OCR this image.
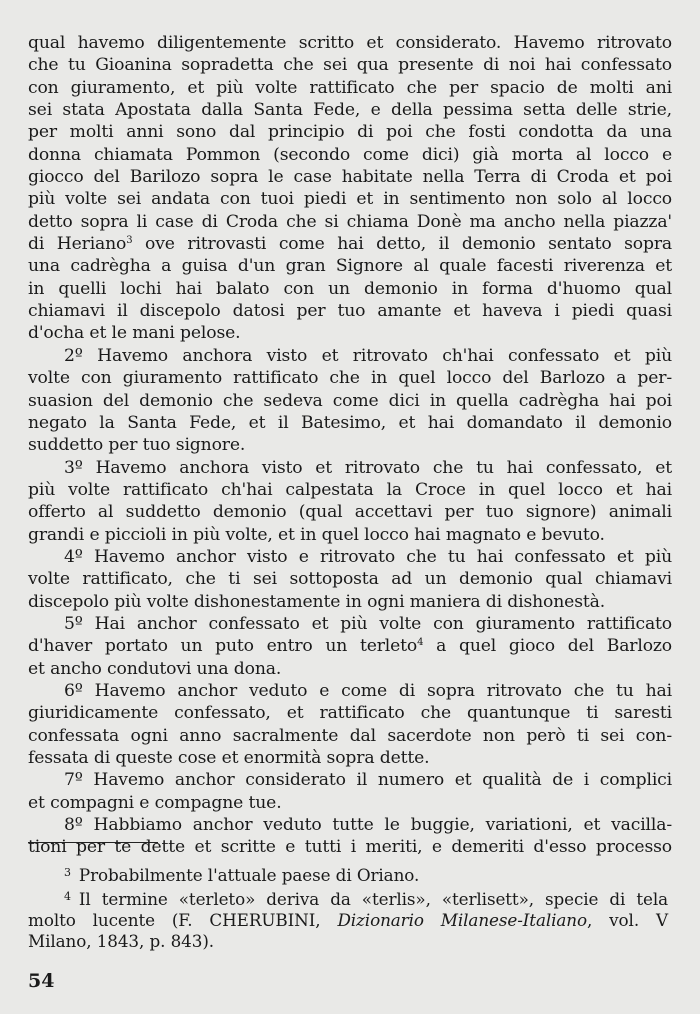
qual havemo diligentemente scritto et considerato. Havemo ritrovato
che tu Gioanina sopradetta che sei qua presente di noi hai confessato
con giuramento, et più volte rattificato che per spacio de molti ani
sei stata Apostata dalla Santa Fede, e della pessima setta delle strie,
per molti anni sono dal principio di poi che fosti condotta da una
donna chiamata Pommon (secondo come dici) già morta al locco e
giocco del Barilozo sopra le case habitate nella Terra di Croda et poi
più volte sei andata con tuoi piedi et in sentimento non solo al locco
detto sopra li case di Croda che si chiama Donè ma ancho nella piazza'
di Heriano$^3$ ove ritrovasti come hai detto, il demonio sentato sopra
una cadrègha a guisa d'un gran Signore al quale facesti riverenza et
in quelli lochi hai balato con un demonio in forma d'huomo qual
chiamavi il discepolo datosi per tuo amante et haveva i piedi quasi
d'ocha et le mani pelose.
2º Havemo anchora visto et ritrovato ch'hai confessato et più
volte con giuramento rattificato che in quel locco del Barlozo a per-
suasion del demonio che sedeva come dici in quella cadrègha hai poi
negato la Santa Fede, et il Batesimo, et hai domandato il demonio
suddetto per tuo signore.
3º Havemo anchora visto et ritrovato che tu hai confessato, et
più volte rattificato ch'hai calpestata la Croce in quel locco et hai
offerto al suddetto demonio (qual accettavi per tuo signore) animali
grandi e piccioli in più volte, et in quel locco hai magnato e bevuto.
4º Havemo anchor visto e ritrovato che tu hai confessato et più
volte rattificato, che ti sei sottoposta ad un demonio qual chiamavi
discepolo più volte dishonestamente in ogni maniera di dishonestà.
5º Hai anchor confessato et più volte con giuramento rattificato
d'haver portato un puto entro un terleto$^4$ a quel gioco del Barlozo
et ancho condutovi una dona.
6º Havemo anchor veduto e come di sopra ritrovato che tu hai
giuridicamente confessato, et rattificato che quantunque ti saresti
confessata ogni anno sacralmente dal sacerdote non però ti sei con-
fessata di queste cose et enormità sopra dette.
7º Havemo anchor considerato il numero et qualità de i complici
et compagni e compagne tue.
8º Habbiamo anchor veduto tutte le buggie, variationi, et vacilla-
tioni per te dette et scritte e tutti i meriti, e demeriti d'esso processo
$^3$ Probabilmente l'attuale paese di Oriano.
$^4$ Il termine «terleto» deriva da «terlis», «terlisett», specie di tela
molto lucente (F. CHERUBINI, Dizionario Milanese-Italiano, vol. V
Milano, 1843, p. 843).
54
